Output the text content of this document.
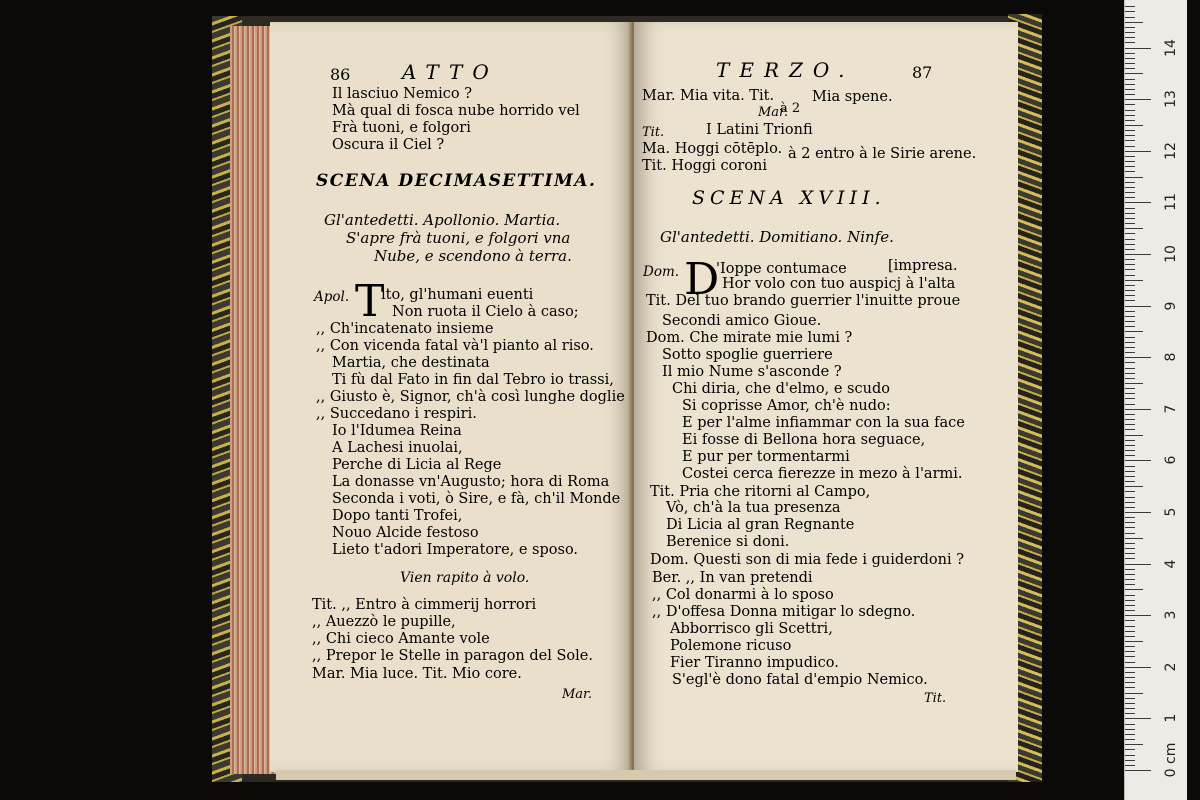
86	ATTO
Il lasciuo Nemico ?
Mà qual di fosca nube horrido vel
Frà tuoni, e folgori
Oscura il Ciel ?
SCENA DECIMASETTIMA.
Gl'antedetti. Apollonio. Martia.
S'apre frà tuoni, e folgori vna
Nube, e scendono à terra.
Apol. T
ito, gl'humani euenti
Non ruota il Cielo à caso;
,, Ch'incatenato insieme
,, Con vicenda fatal và'l pianto al riso.
Martia, che destinata
Ti fù dal Fato in fin dal Tebro io trassi,
,, Giusto è, Signor, ch'à così lunghe doglie
,, Succedano i respiri.
Io l'Idumea Reina
A Lachesi inuolai,
Perche di Licia al Rege
La donasse vn'Augusto; hora di Roma
Seconda i voti, ò Sire, e fà, ch'il Monde
Dopo tanti Trofei,
Nouo Alcide festoso
Lieto t'adori Imperatore, e sposo.
Vien rapito à volo.
Tit. ,, Entro à cimmerij horrori
,, Auezzò le pupille,
,, Chi cieco Amante vole
,, Prepor le Stelle in paragon del Sole.
Mar. Mia luce. Tit. Mio core.
Mar.
TERZO.	87
Mar. Mia vita. Tit.
à 2
Mia spene.
Mar.
Tit.	I Latini Trionfi
Ma. Hoggi cōtēplo.
Tit. Hoggi coroni
à 2 entro à le Sirie arene.
SCENA XVIII.
Gl'antedetti. Domitiano. Ninfe.
Dom. D
'Ioppe contumace	[impresa.
Hor volo con tuo auspicj à l'alta
Tit. Del tuo brando guerrier l'inuitte proue
Secondi amico Gioue.
Dom. Che mirate mie lumi ?
Sotto spoglie guerriere
Il mio Nume s'asconde ?
Chi diria, che d'elmo, e scudo
Si coprisse Amor, ch'è nudo:
E per l'alme infiammar con la sua face
Ei fosse di Bellona hora seguace,
E pur per tormentarmi
Costei cerca fierezze in mezo à l'armi.
Tit. Pria che ritorni al Campo,
Vò, ch'à la tua presenza
Di Licia al gran Regnante
Berenice si doni.
Dom. Questi son di mia fede i guiderdoni ?
Ber. ,, In van pretendi
,, Col donarmi à lo sposo
,, D'offesa Donna mitigar lo sdegno.
Abborrisco gli Scettri,
Polemone ricuso
Fier Tiranno impudico.
S'egl'è dono fatal d'empio Nemico.
Tit.
0 cm
1
2
3
4
5
6
7
8
9
10
11
12
13
14
